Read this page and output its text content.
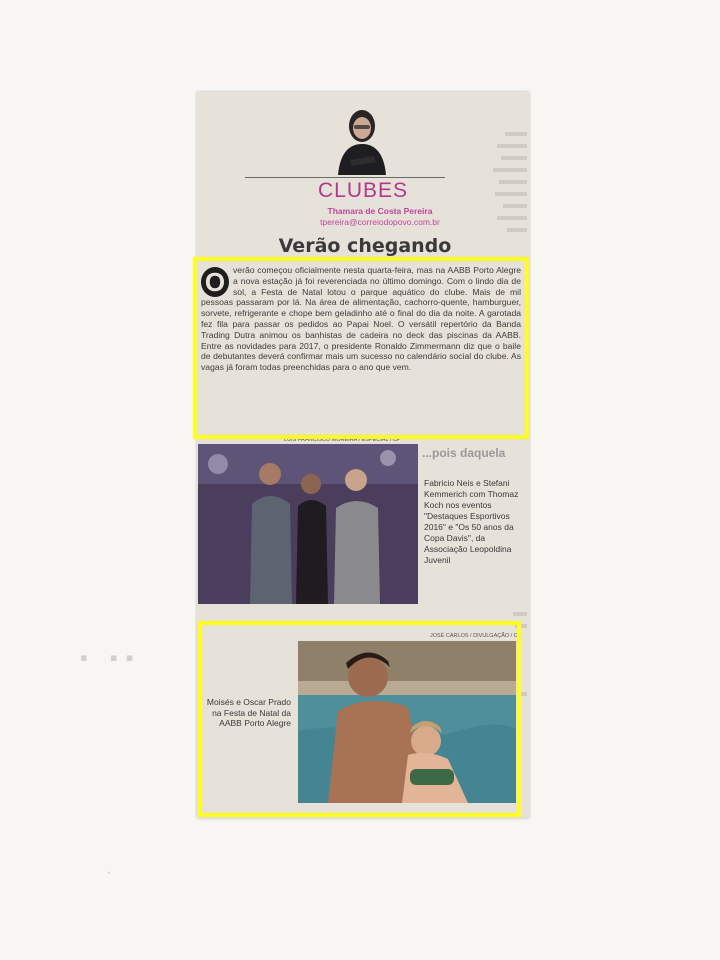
·
▪ ▪▪
CLUBES
Thamara de Costa Pereira
tpereira@correiodopovo.com.br
Verão chegando
O verão começou oficialmente nesta quarta-feira, mas na AABB Porto Alegre a nova estação já foi reverenciada no último domingo. Com o lindo dia de sol, a Festa de Natal lotou o parque aquático do clube. Mais de mil pessoas passaram por lá. Na área de alimentação, cachorro-quente, hamburguer, sorvete, refrigerante e chope bem geladinho até o final do dia da noite. A garotada fez fila para passar os pedidos ao Papai Noel. O versátil repertório da Banda Trading Dutra animou os banhistas de cadeira no deck das piscinas da AABB. Entre as novidades para 2017, o presidente Ronaldo Zimmermann diz que o baile de debutantes deverá confirmar mais um sucesso no calendário social do clube. As vagas já foram todas preenchidas para o ano que vem.

LUIS FRANCISCO MOREIRA / ESPECIAL / CP
Fabricio Neis e Stefani Kemmerich com Thomaz Koch nos eventos "Destaques Esportivos 2016" e "Os 50 anos da Copa Davis", da Associação Leopoldina Juvenil
JOSÉ CARLOS / DIVULGAÇÃO / CP
Moisés e Oscar Prado na Festa de Natal da AABB Porto Alegre
...pois daquela
